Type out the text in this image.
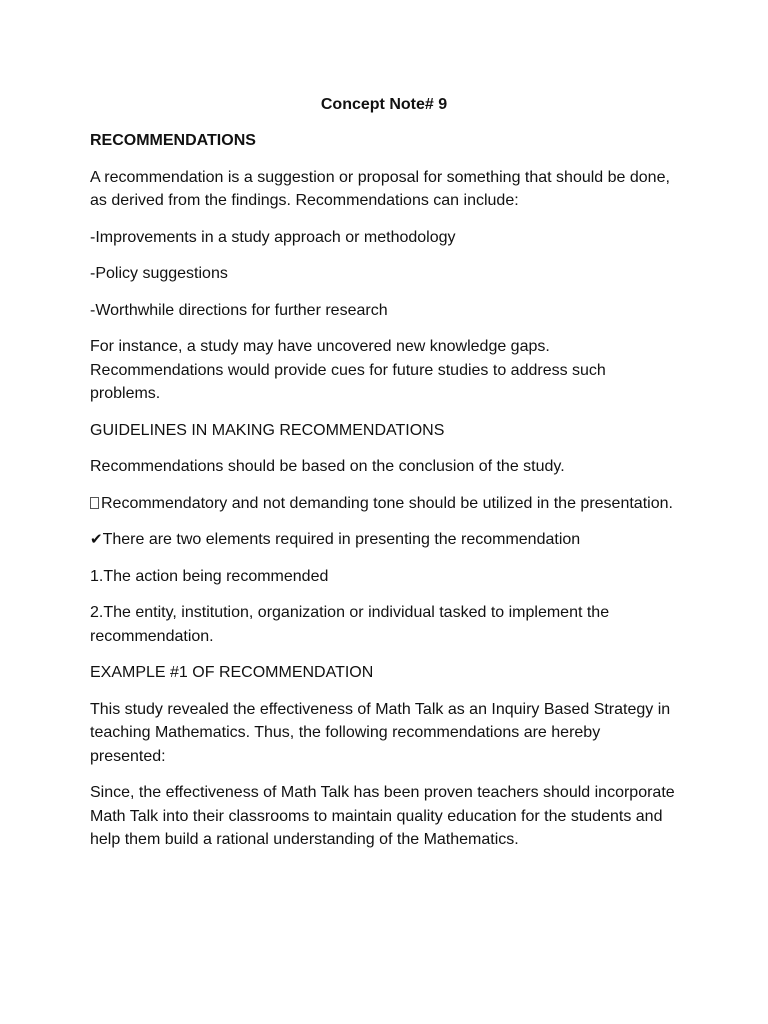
Concept Note# 9

RECOMMENDATIONS

A recommendation is a suggestion or proposal for something that should be done, as derived from the findings. Recommendations can include:

-Improvements in a study approach or methodology

-Policy suggestions

-Worthwhile directions for further research

For instance, a study may have uncovered new knowledge gaps. Recommendations would provide cues for future studies to address such problems.

GUIDELINES IN MAKING RECOMMENDATIONS

Recommendations should be based on the conclusion of the study.

Recommendatory and not demanding tone should be utilized in the presentation.

✔There are two elements required in presenting the recommendation

1.The action being recommended

2.The entity, institution, organization or individual tasked to implement the recommendation.

EXAMPLE #1 OF RECOMMENDATION

This study revealed the effectiveness of Math Talk as an Inquiry Based Strategy in teaching Mathematics. Thus, the following recommendations are hereby presented:

Since, the effectiveness of Math Talk has been proven teachers should incorporate Math Talk into their classrooms to maintain quality education for the students and help them build a rational understanding of the Mathematics.
